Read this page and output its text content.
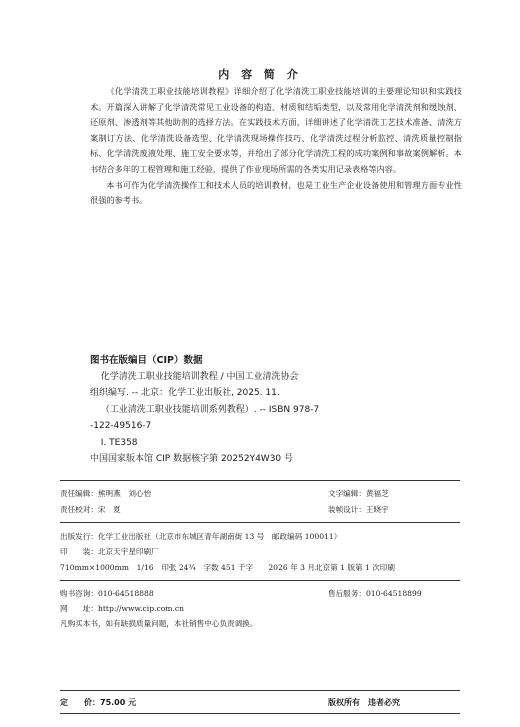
内 容 简 介

《化学清洗工职业技能培训教程》详细介绍了化学清洗工职业技能培训的主要理论知识和实践技术。开篇深入讲解了化学清洗常见工业设备的构造、材质和结垢类型，以及常用化学清洗剂和缓蚀剂、还原剂、渗透剂等其他助剂的选择方法。在实践技术方面，详细讲述了化学清洗工艺技术准备、清洗方案制订方法、化学清洗设备选型、化学清洗现场操作技巧、化学清洗过程分析监控、清洗质量控制指标、化学清洗废液处理、施工安全要求等，并给出了部分化学清洗工程的成功案例和事故案例解析。本书结合多年的工程管理和施工经验，提供了作业现场所需的各类实用记录表格等内容。

本书可作为化学清洗操作工和技术人员的培训教材，也是工业生产企业设备使用和管理方面专业性很强的参考书。

图书在版编目（CIP）数据
化学清洗工职业技能培训教程 / 中国工业清洗协会
组织编写. -- 北京：化学工业出版社, 2025. 11.
（工业清洗工职业技能培训系列教程）. -- ISBN 978-7
-122-49516-7
Ⅰ. TE358
中国国家版本馆 CIP 数据核字第 20252Y4W30 号
责任编辑：熊明燕　刘心怡	文字编辑：黄福芝
责任校对：宋　夏	装帧设计：王晓宇
出版发行：化学工业出版社（北京市东城区青年湖南街 13 号　邮政编码 100011）
印　　装：北京天宇星印刷厂
710mm×1000mm　1/16　印张 24¾　字数 451 千字　　2026 年 3 月北京第 1 版第 1 次印刷
购书咨询：010-64518888	售后服务：010-64518899
网　　址：http://www.cip.com.cn
凡购买本书，如有缺损质量问题，本社销售中心负责调换。
定　　价：75.00 元	版权所有　违者必究
